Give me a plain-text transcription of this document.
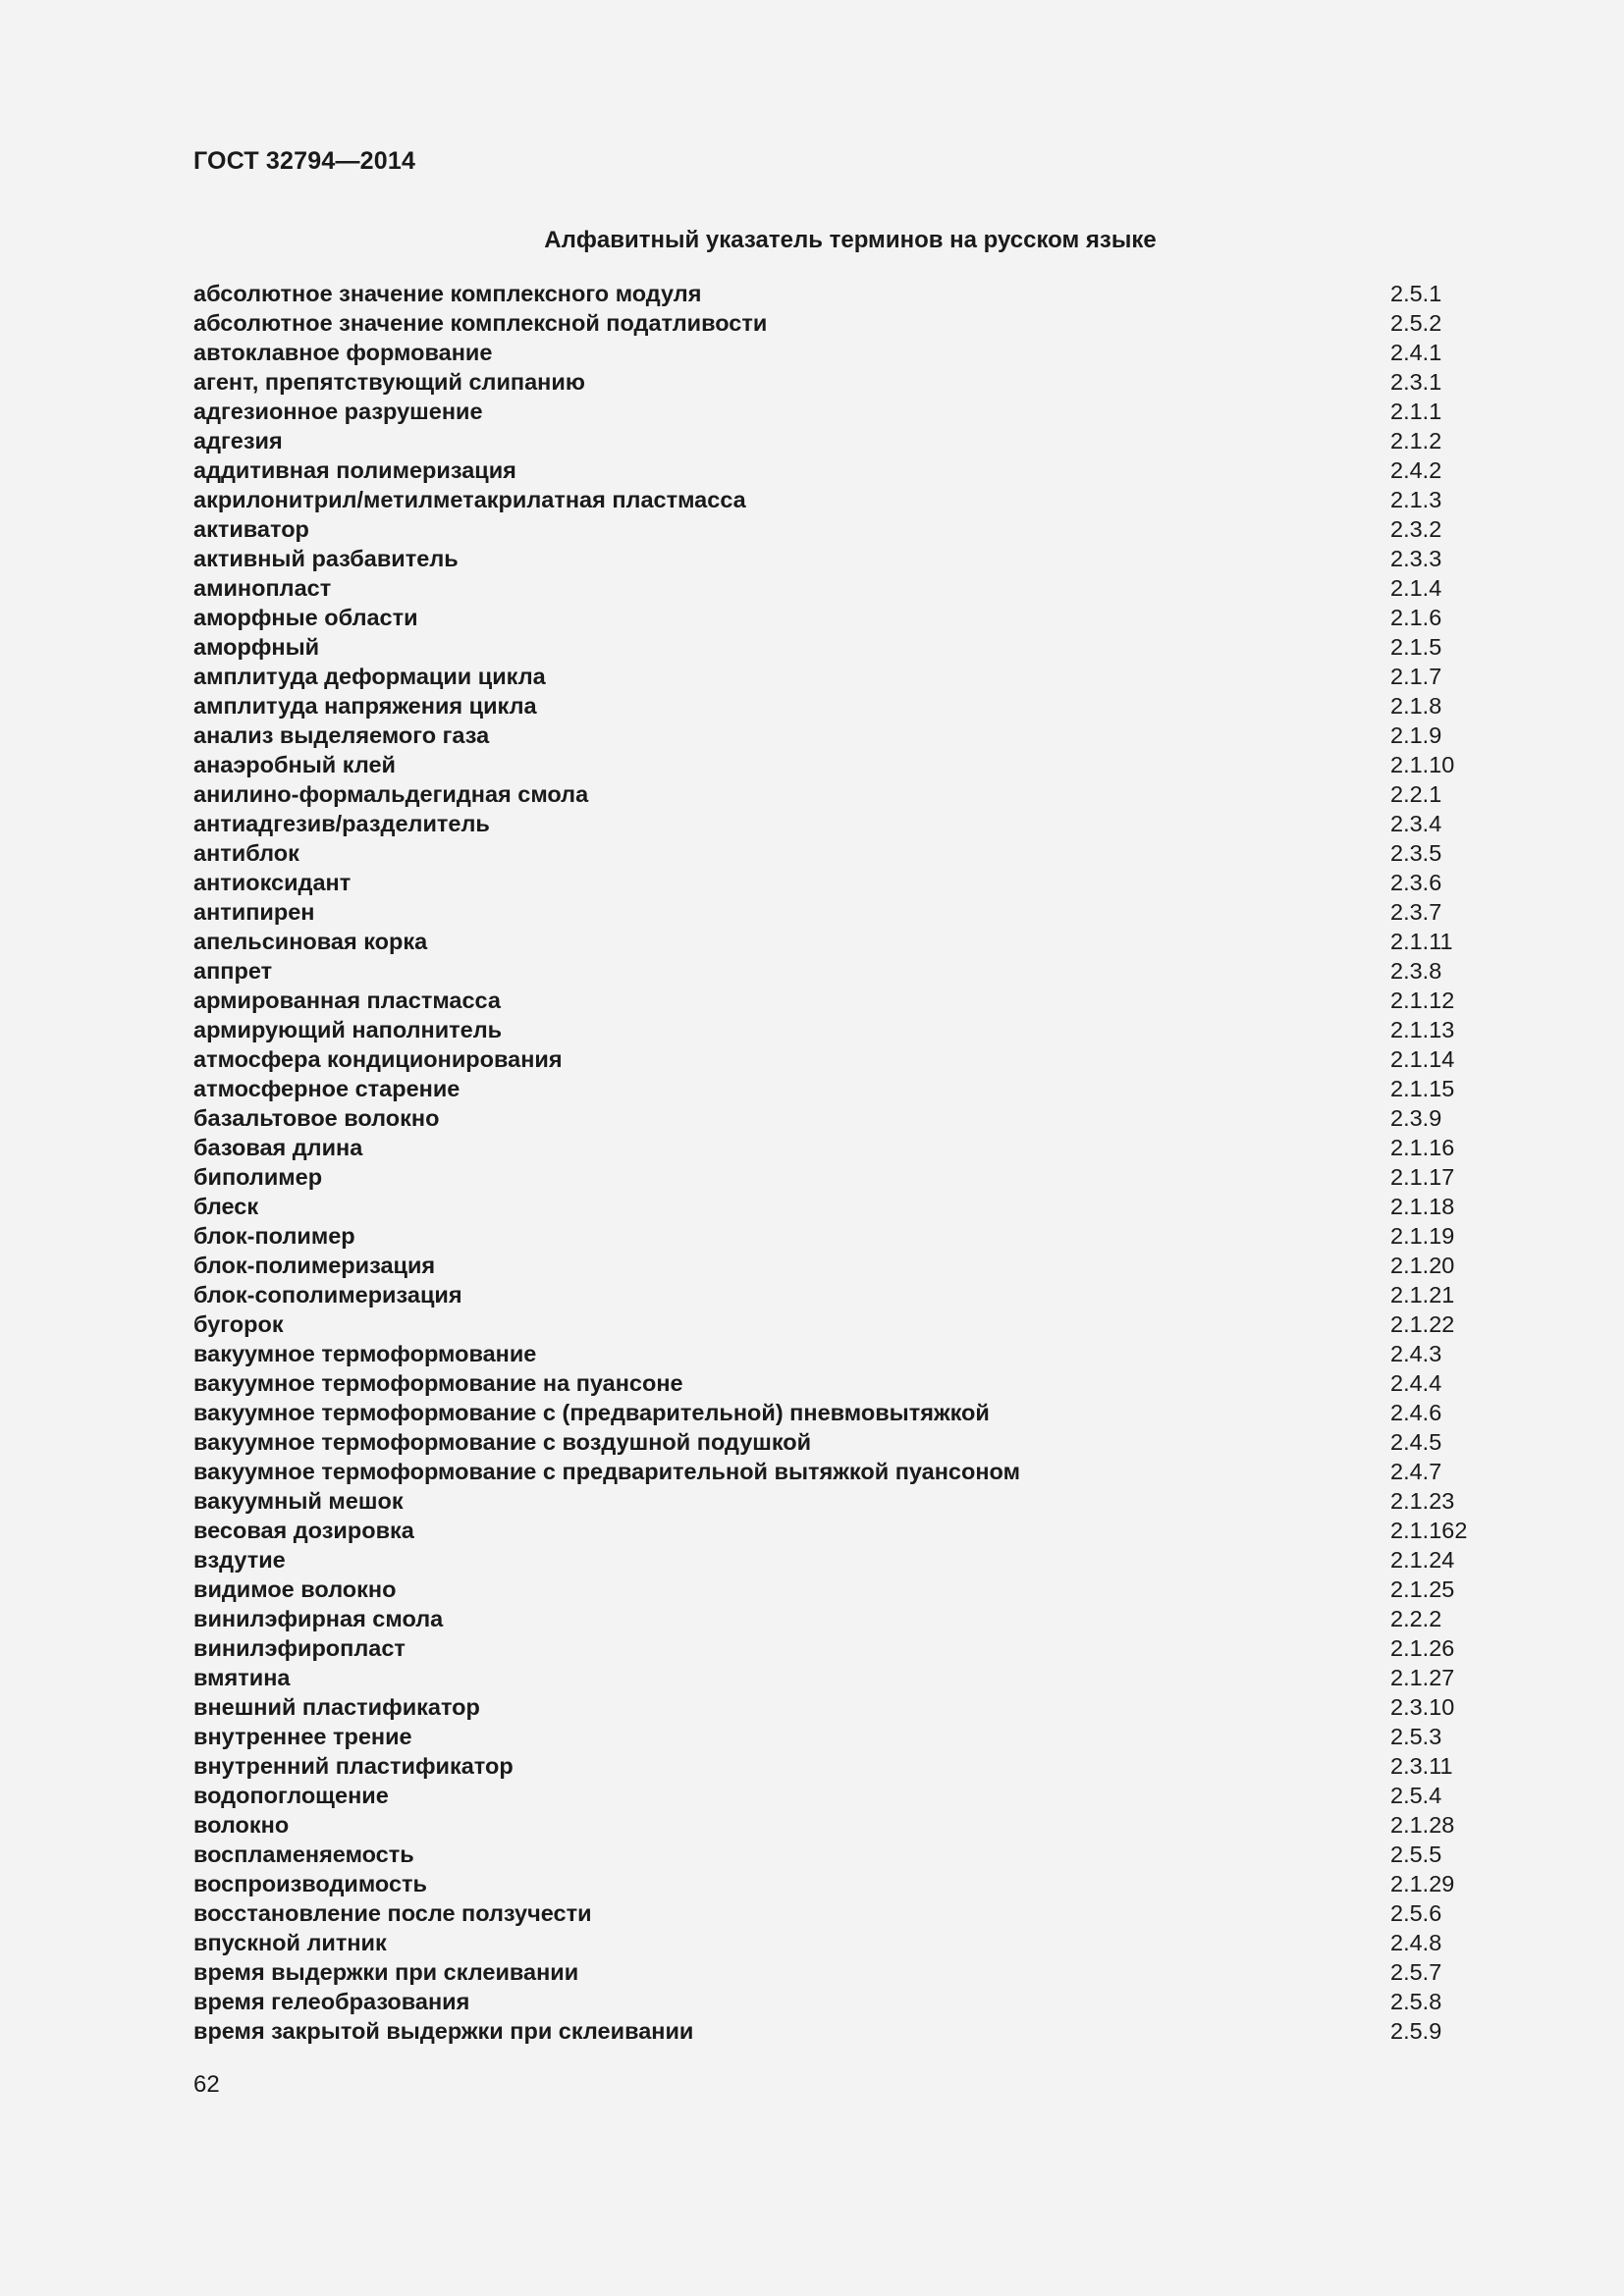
ГОСТ 32794—2014
Алфавитный указатель терминов на русском языке
абсолютное значение комплексного модуля	2.5.1
абсолютное значение комплексной податливости	2.5.2
автоклавное формование	2.4.1
агент, препятствующий слипанию	2.3.1
адгезионное разрушение	2.1.1
адгезия	2.1.2
аддитивная полимеризация	2.4.2
акрилонитрил/метилметакрилатная пластмасса	2.1.3
активатор	2.3.2
активный разбавитель	2.3.3
аминопласт	2.1.4
аморфные области	2.1.6
аморфный	2.1.5
амплитуда деформации цикла	2.1.7
амплитуда напряжения цикла	2.1.8
анализ выделяемого газа	2.1.9
анаэробный клей	2.1.10
анилино-формальдегидная смола	2.2.1
антиадгезив/разделитель	2.3.4
антиблок	2.3.5
антиоксидант	2.3.6
антипирен	2.3.7
апельсиновая корка	2.1.11
аппрет	2.3.8
армированная пластмасса	2.1.12
армирующий наполнитель	2.1.13
атмосфера кондиционирования	2.1.14
атмосферное старение	2.1.15
базальтовое волокно	2.3.9
базовая длина	2.1.16
биполимер	2.1.17
блеск	2.1.18
блок-полимер	2.1.19
блок-полимеризация	2.1.20
блок-сополимеризация	2.1.21
бугорок	2.1.22
вакуумное термоформование	2.4.3
вакуумное термоформование на пуансоне	2.4.4
вакуумное термоформование с (предварительной) пневмовытяжкой	2.4.6
вакуумное термоформование с воздушной подушкой	2.4.5
вакуумное термоформование с предварительной вытяжкой пуансоном	2.4.7
вакуумный мешок	2.1.23
весовая дозировка	2.1.162
вздутие	2.1.24
видимое волокно	2.1.25
винилэфирная смола	2.2.2
винилэфиропласт	2.1.26
вмятина	2.1.27
внешний пластификатор	2.3.10
внутреннее трение	2.5.3
внутренний пластификатор	2.3.11
водопоглощение	2.5.4
волокно	2.1.28
воспламеняемость	2.5.5
воспроизводимость	2.1.29
восстановление после ползучести	2.5.6
впускной литник	2.4.8
время выдержки при склеивании	2.5.7
время гелеобразования	2.5.8
время закрытой выдержки при склеивании	2.5.9
62
